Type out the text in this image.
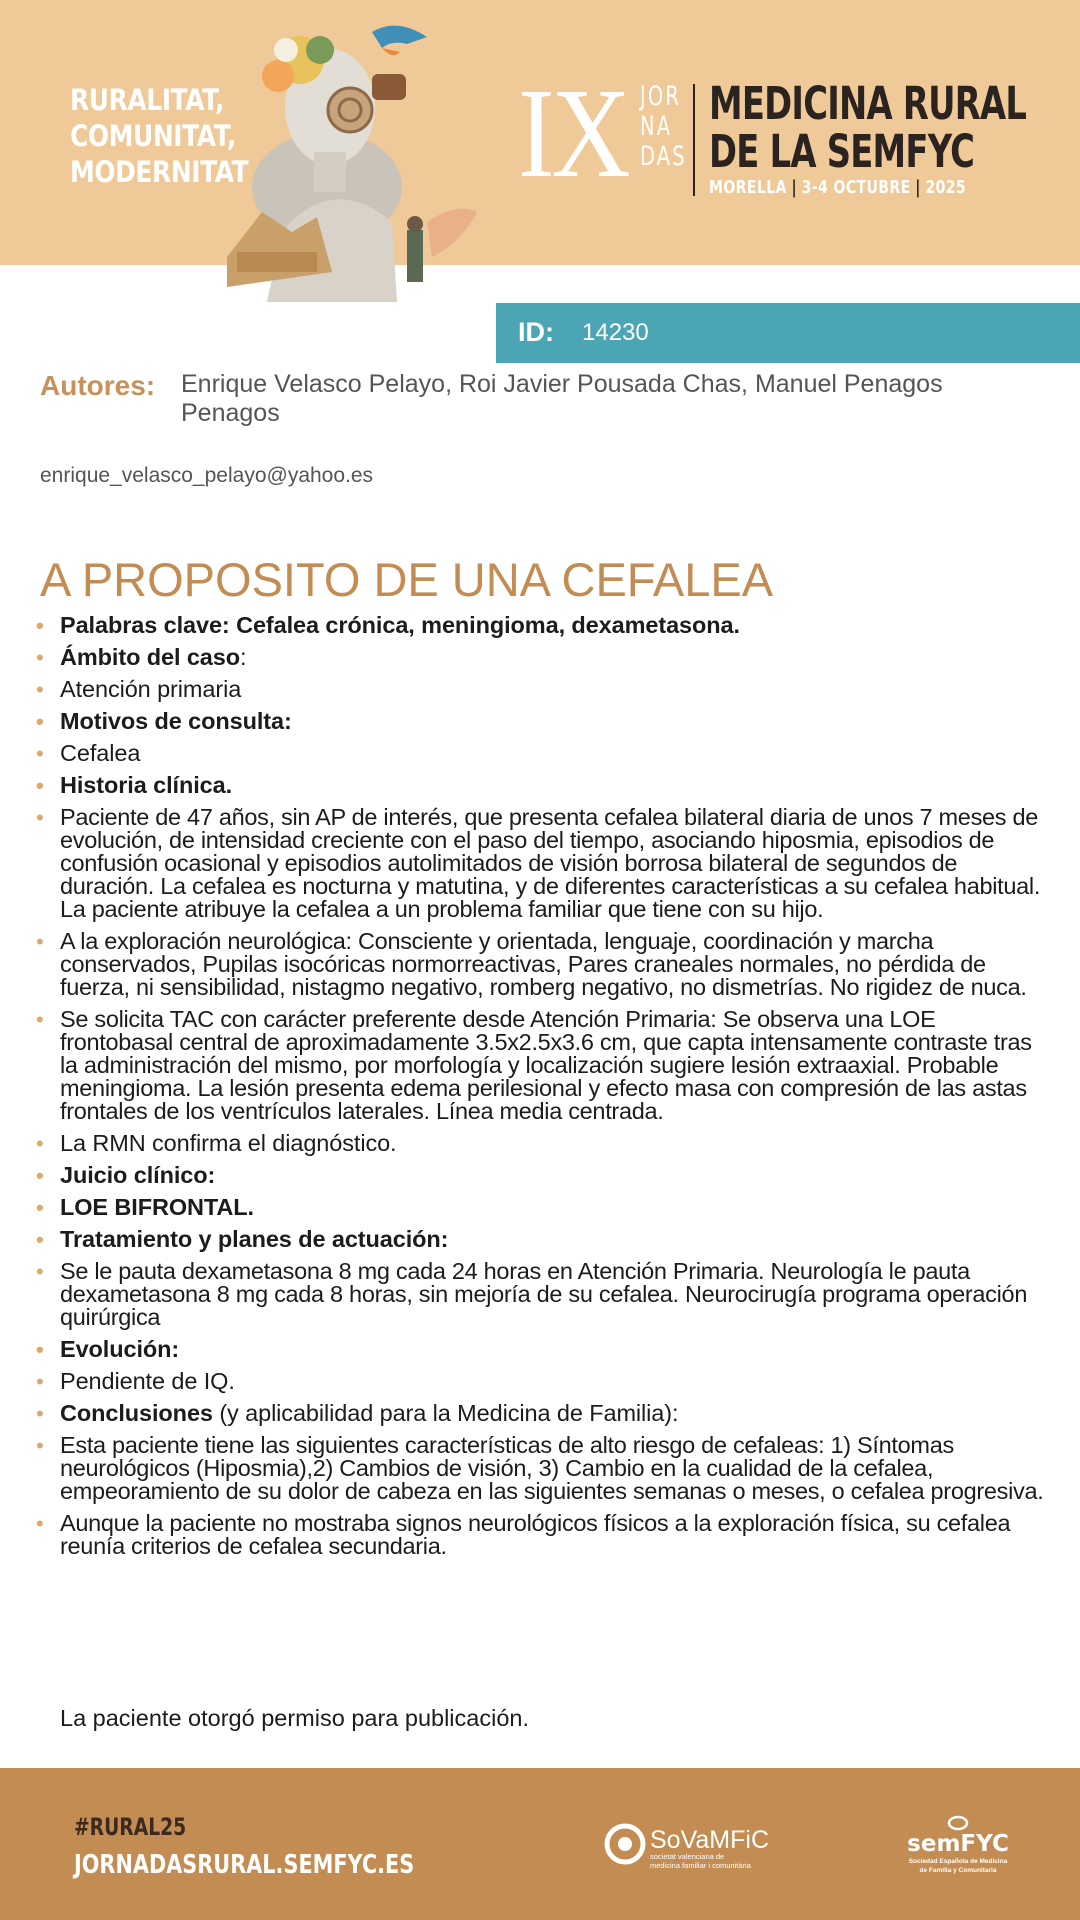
RURALITAT,
COMUNITAT,
MODERNITAT IX JOR
NA
DAS
MEDICINA RURAL
DE LA SEMFYC
MORELLA | 3-4 OCTUBRE | 2025
ID: 14230
Autores: Enrique Velasco Pelayo, Roi Javier Pousada Chas, Manuel Penagos Penagos
enrique_velasco_pelayo@yahoo.es
A PROPOSITO DE UNA CEFALEA
• Palabras clave: Cefalea crónica, meningioma, dexametasona.
• Ámbito del caso:
• Atención primaria
• Motivos de consulta:
• Cefalea
• Historia clínica.
• Paciente de 47 años, sin AP de interés, que presenta cefalea bilateral diaria de unos 7 meses de evolución, de intensidad creciente con el paso del tiempo, asociando hiposmia, episodios de confusión ocasional y episodios autolimitados de visión borrosa bilateral de segundos de duración. La cefalea es nocturna y matutina, y de diferentes características a su cefalea habitual. La paciente atribuye la cefalea a un problema familiar que tiene con su hijo.
• A la exploración neurológica: Consciente y orientada, lenguaje, coordinación y marcha conservados, Pupilas isocóricas normorreactivas, Pares craneales normales, no pérdida de fuerza, ni sensibilidad, nistagmo negativo, romberg negativo, no dismetrías. No rigidez de nuca.
• Se solicita TAC con carácter preferente desde Atención Primaria: Se observa una LOE frontobasal central de aproximadamente 3.5x2.5x3.6 cm, que capta intensamente contraste tras la administración del mismo, por morfología y localización sugiere lesión extraaxial. Probable meningioma. La lesión presenta edema perilesional y efecto masa con compresión de las astas frontales de los ventrículos laterales. Línea media centrada.
• La RMN confirma el diagnóstico.
• Juicio clínico:
• LOE BIFRONTAL.
• Tratamiento y planes de actuación:
• Se le pauta dexametasona 8 mg cada 24 horas en Atención Primaria. Neurología le pauta dexametasona 8 mg cada 8 horas, sin mejoría de su cefalea. Neurocirugía programa operación quirúrgica
• Evolución:
• Pendiente de IQ.
• Conclusiones (y aplicabilidad para la Medicina de Familia):
• Esta paciente tiene las siguientes características de alto riesgo de cefaleas: 1) Síntomas neurológicos (Hiposmia),2) Cambios de visión, 3) Cambio en la cualidad de la cefalea, empeoramiento de su dolor de cabeza en las siguientes semanas o meses, o cefalea progresiva.
• Aunque la paciente no mostraba signos neurológicos físicos a la exploración física, su cefalea reunía criterios de cefalea secundaria.
La paciente otorgó permiso para publicación.
#RURAL25
JORNADASRURAL.SEMFYC.ES
SoVaMFiC
societat valenciana de
medicina familiar i comunitària
semFYC
Sociedad Española de Medicina
de Familia y Comunitaria
